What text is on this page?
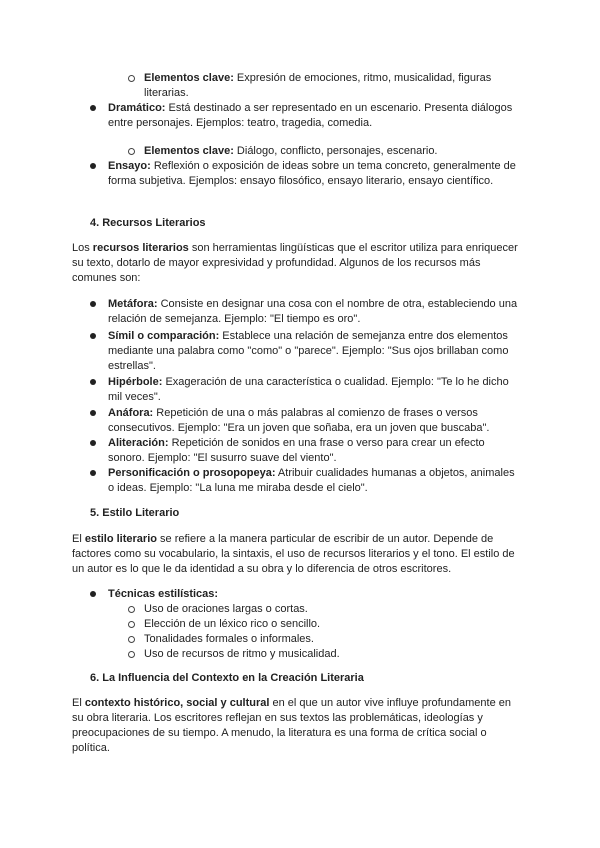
Elementos clave: Expresión de emociones, ritmo, musicalidad, figuras
literarias.
Dramático: Está destinado a ser representado en un escenario. Presenta diálogos
entre personajes. Ejemplos: teatro, tragedia, comedia.
Elementos clave: Diálogo, conflicto, personajes, escenario.
Ensayo: Reflexión o exposición de ideas sobre un tema concreto, generalmente de
forma subjetiva. Ejemplos: ensayo filosófico, ensayo literario, ensayo científico.
4. Recursos Literarios
Los recursos literarios son herramientas lingüísticas que el escritor utiliza para enriquecer
su texto, dotarlo de mayor expresividad y profundidad. Algunos de los recursos más
comunes son:
Metáfora: Consiste en designar una cosa con el nombre de otra, estableciendo una
relación de semejanza. Ejemplo: "El tiempo es oro".
Símil o comparación: Establece una relación de semejanza entre dos elementos
mediante una palabra como "como" o "parece". Ejemplo: "Sus ojos brillaban como
estrellas".
Hipérbole: Exageración de una característica o cualidad. Ejemplo: "Te lo he dicho
mil veces".
Anáfora: Repetición de una o más palabras al comienzo de frases o versos
consecutivos. Ejemplo: "Era un joven que soñaba, era un joven que buscaba".
Aliteración: Repetición de sonidos en una frase o verso para crear un efecto
sonoro. Ejemplo: "El susurro suave del viento".
Personificación o prosopopeya: Atribuir cualidades humanas a objetos, animales
o ideas. Ejemplo: "La luna me miraba desde el cielo".
5. Estilo Literario
El estilo literario se refiere a la manera particular de escribir de un autor. Depende de
factores como su vocabulario, la sintaxis, el uso de recursos literarios y el tono. El estilo de
un autor es lo que le da identidad a su obra y lo diferencia de otros escritores.
Técnicas estilísticas:
Uso de oraciones largas o cortas.
Elección de un léxico rico o sencillo.
Tonalidades formales o informales.
Uso de recursos de ritmo y musicalidad.
6. La Influencia del Contexto en la Creación Literaria
El contexto histórico, social y cultural en el que un autor vive influye profundamente en
su obra literaria. Los escritores reflejan en sus textos las problemáticas, ideologías y
preocupaciones de su tiempo. A menudo, la literatura es una forma de crítica social o
política.
